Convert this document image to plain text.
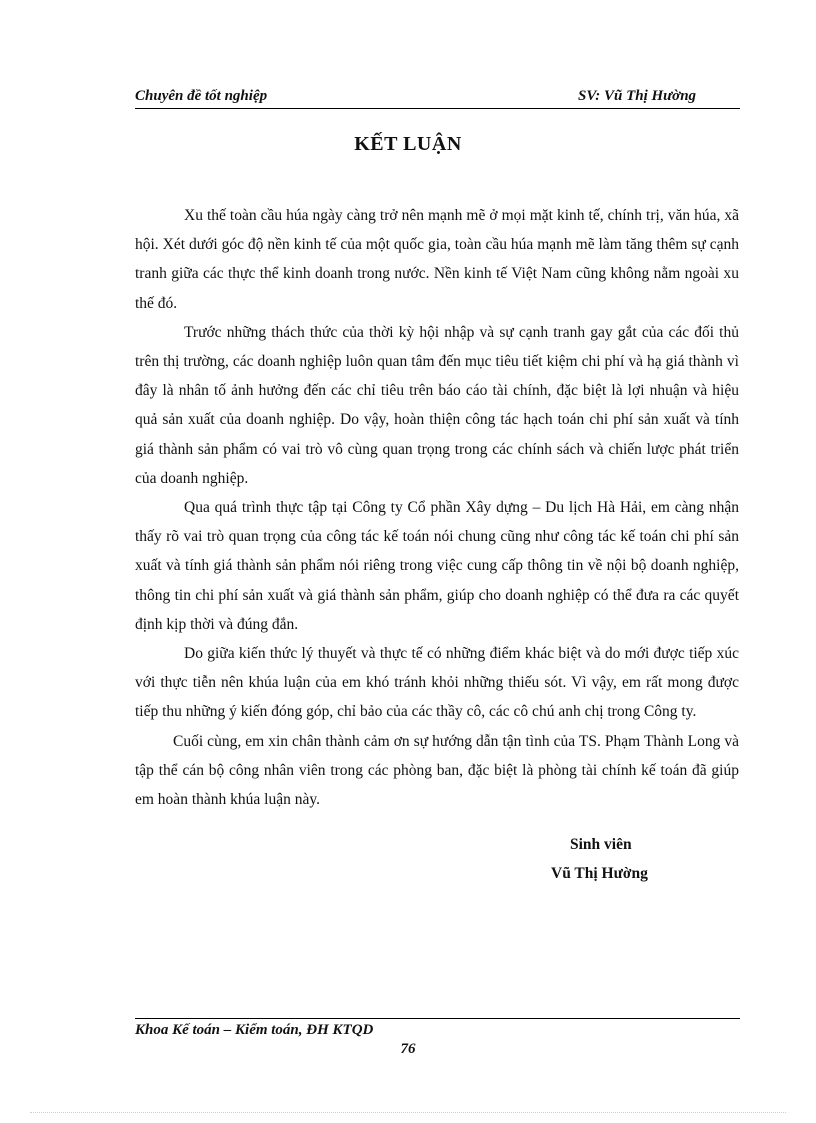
Chuyên đề tốt nghiệp	SV: Vũ Thị Hường
KẾT LUẬN

Xu thế toàn cầu húa ngày càng trở nên mạnh mẽ ở mọi mặt kinh tế, chính trị, văn húa, xã hội. Xét dưới góc độ nền kinh tế của một quốc gia, toàn cầu húa mạnh mẽ làm tăng thêm sự cạnh tranh giữa các thực thể kinh doanh trong nước. Nền kinh tế Việt Nam cũng không nằm ngoài xu thế đó.

Trước những thách thức của thời kỳ hội nhập và sự cạnh tranh gay gắt của các đối thủ trên thị trường, các doanh nghiệp luôn quan tâm đến mục tiêu tiết kiệm chi phí và hạ giá thành vì đây là nhân tố ảnh hưởng đến các chỉ tiêu trên báo cáo tài chính, đặc biệt là lợi nhuận và hiệu quả sản xuất của doanh nghiệp. Do vậy, hoàn thiện công tác hạch toán chi phí sản xuất và tính giá thành sản phẩm có vai trò vô cùng quan trọng trong các chính sách và chiến lược phát triển của doanh nghiệp.

Qua quá trình thực tập tại Công ty Cổ phần Xây dựng – Du lịch Hà Hải, em càng nhận thấy rõ vai trò quan trọng của công tác kế toán nói chung cũng như công tác kế toán chi phí sản xuất và tính giá thành sản phẩm nói riêng trong việc cung cấp thông tin về nội bộ doanh nghiệp, thông tin chi phí sản xuất và giá thành sản phẩm, giúp cho doanh nghiệp có thể đưa ra các quyết định kịp thời và đúng đắn.

Do giữa kiến thức lý thuyết và thực tế có những điểm khác biệt và do mới được tiếp xúc với thực tiễn nên khúa luận của em khó tránh khỏi những thiếu sót. Vì vậy, em rất mong được tiếp thu những ý kiến đóng góp, chỉ bảo của các thầy cô, các cô chú anh chị trong Công ty.

Cuối cùng, em xin chân thành cảm ơn sự hướng dẫn tận tình của TS. Phạm Thành Long và tập thể cán bộ công nhân viên trong các phòng ban, đặc biệt là phòng tài chính kế toán đã giúp em hoàn thành khúa luận này.

Sinh viên
Vũ Thị Hường
Khoa Kế toán – Kiểm toán, ĐH KTQD
76
